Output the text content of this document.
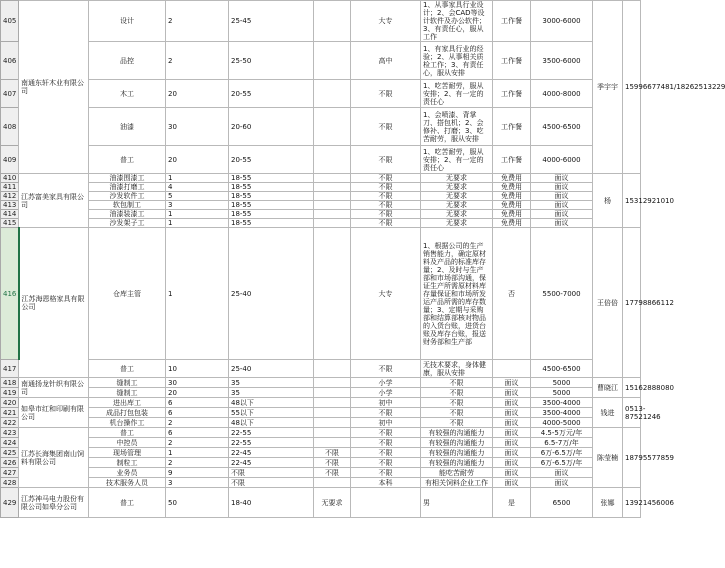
405	南通东轩木业有限公司	设计	2	25-45		大专	1、从事家具行业设计；2、会CAD等设计软件及办公软件；3、有责任心，服从工作	工作餐	3000-6000	季宇宇	15996677481/18262513229
406		品控	2	25-50		高中	1、有家具行业的经验；2、从事相关质检工作；3、有责任心，服从安排	工作餐	3500-6000		
407		木工	20	20-55		不限	1、吃苦耐劳，服从安排；2、有一定的责任心	工作餐	4000-8000		
408		油漆	30	20-60		不限	1、会喷漆、背掌刀、搭包机；2、会修补、打磨；3、吃苦耐劳，服从安排	工作餐	4500-6500		
409		普工	20	20-55		不限	1、吃苦耐劳，服从安排；2、有一定的责任心	工作餐	4000-6000		
410	江苏富美家具有限公司	油漆围漆工	1	18-55		不限	无要求	免费用	面议	杨	15312921010
411		油漆打磨工	4	18-55		不限	无要求	免费用	面议		
412		沙发软件工	5	18-55		不限	无要求	免费用	面议		
413		软包制工	3	18-55		不限	无要求	免费用	面议		
414		油漆装漆工	1	18-55		不限	无要求	免费用	面议		
415		沙发架子工	1	18-55		不限	无要求	免费用	面议		
416	江苏海恩格家具有限公司	仓库主管	1	25-40		大专	1、根据公司的生产销售能力，确定原材料及产品的标准库存量；2、及时与生产部和市场部沟通，保证生产所需原材料库存量保证和市场所发运产品所需的库存数量；3、定期与采购部和结算部核对物品的入货台账，进货台账及库存台账，报送财务部和生产部	否	5500-7000	王倍倍	17798866112
417		普工	10	25-40		不限	无技术要求，身体健康，服从安排		4500-6500		
418	南通扬龙针织有限公司	缝制工	30	35		小学	不限	面议	5000	曹晓江	15162888080
419		缝制工	20	35		小学	不限	面议	5000		
420	如皋市红和印刷有限公司	进出库工	6	48以下		初中	不限	面议	3500-4000	钱进	0513-87521246
421		成品打包包装	6	55以下		不限	不限	面议	3500-4000		
422		机台操作工	2	48以下		初中	不限	面议	4000-5000		
423	江苏长海集团南山饲料有限公司	普工	6	22-55		不限	有较强的沟通能力	面议	4.5-5万元/年	陈莹楠	18795577859
424		中控员	2	22-55		不限	有较强的沟通能力	面议	6.5-7万/年		
425		现场管理	1	22-45	不限	不限	有较强的沟通能力	面议	6万-6.5万/年		
426		制粒工	2	22-45	不限	不限	有较强的沟通能力	面议	6万-6.5万/年		
427		业务员	9	不限	不限	不限	能吃苦耐劳	面议	面议		
428		技术服务人员	3	不限		本科	有相关饲料企业工作	面议	面议		
429	江苏神马电力股份有限公司如皋分公司	普工	50	18-40	无要求		男	是	6500	张娜	13921456006
